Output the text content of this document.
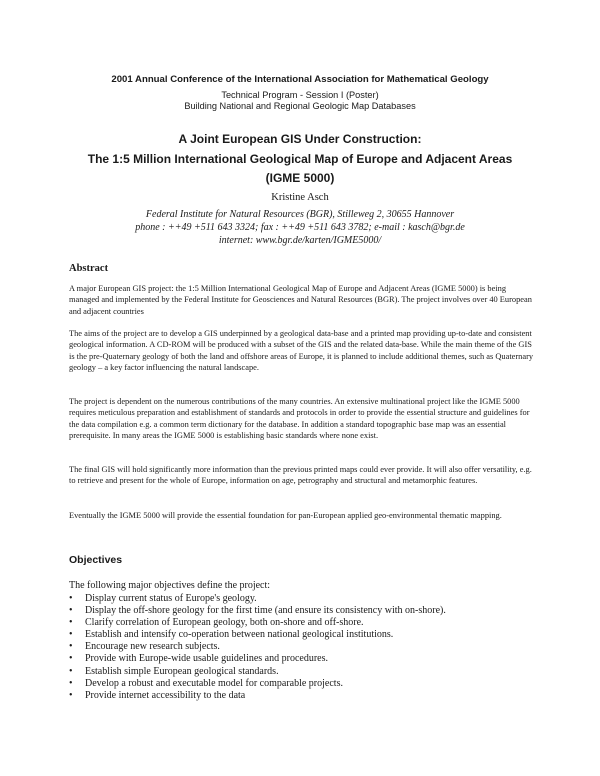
2001 Annual Conference of the International Association for Mathematical Geology
Technical Program - Session I (Poster)
Building National and Regional Geologic Map Databases
A Joint European GIS Under Construction:
The 1:5 Million International Geological Map of Europe and Adjacent Areas
(IGME 5000)
Kristine Asch
Federal Institute for Natural Resources (BGR), Stilleweg 2, 30655 Hannover
phone : ++49 +511 643 3324; fax : ++49 +511 643 3782; e-mail : kasch@bgr.de
internet: www.bgr.de/karten/IGME5000/
Abstract

A major European GIS project: the 1:5 Million International Geological Map of Europe and Adjacent Areas (IGME 5000) is being managed and implemented by the Federal Institute for Geosciences and Natural Resources (BGR). The project involves over 40 European and adjacent countries

The aims of the project are to develop a GIS underpinned by a geological data-base and a printed map providing up-to-date and consistent geological information. A CD-ROM will be produced with a subset of the GIS and the related data-base. While the main theme of the GIS is the pre-Quaternary geology of both the land and offshore areas of Europe, it is planned to include additional themes, such as Quaternary geology – a key factor influencing the natural landscape.

The project is dependent on the numerous contributions of the many countries. An extensive multinational project like the IGME 5000 requires meticulous preparation and establishment of standards and protocols in order to provide the essential structure and guidelines for the data compilation e.g. a common term dictionary for the database. In addition a standard topographic base map was an essential prerequisite. In many areas the IGME 5000 is establishing basic standards where none exist.

The final GIS will hold significantly more information than the previous printed maps could ever provide. It will also offer versatility, e.g. to retrieve and present for the whole of Europe, information on age, petrography and structural and metamorphic features.

Eventually the IGME 5000 will provide the essential foundation for pan-European applied geo-environmental thematic mapping.

Objectives
The following major objectives define the project:
• Display current status of Europe's geology.
• Display the off-shore geology for the first time (and ensure its consistency with on-shore).
• Clarify correlation of European geology, both on-shore and off-shore.
• Establish and intensify co-operation between national geological institutions.
• Encourage new research subjects.
• Provide with Europe-wide usable guidelines and procedures.
• Establish simple European geological standards.
• Develop a robust and executable model for comparable projects.
• Provide internet accessibility to the data
